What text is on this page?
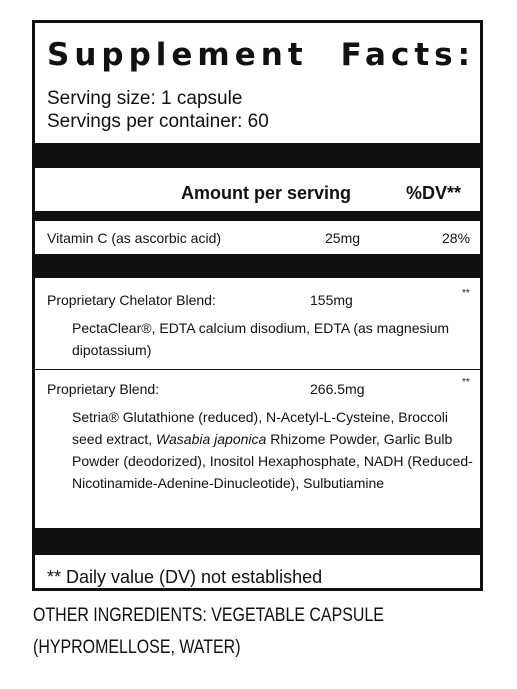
Supplement Facts:
Serving size: 1 capsule
Servings per container: 60
Amount per serving	%DV**
Vitamin C (as ascorbic acid)	25mg	28%
Proprietary Chelator Blend:	155mg	**
PectaClear®, EDTA calcium disodium, EDTA (as magnesium dipotassium)
Proprietary Blend:	266.5mg	**
Setria® Glutathione (reduced), N-Acetyl-L-Cysteine, Broccoli seed extract, Wasabia japonica Rhizome Powder, Garlic Bulb Powder (deodorized), Inositol Hexaphosphate, NADH (Reduced-Nicotinamide-Adenine-Dinucleotide), Sulbutiamine
** Daily value (DV) not established
OTHER INGREDIENTS: VEGETABLE CAPSULE (HYPROMELLOSE, WATER)
